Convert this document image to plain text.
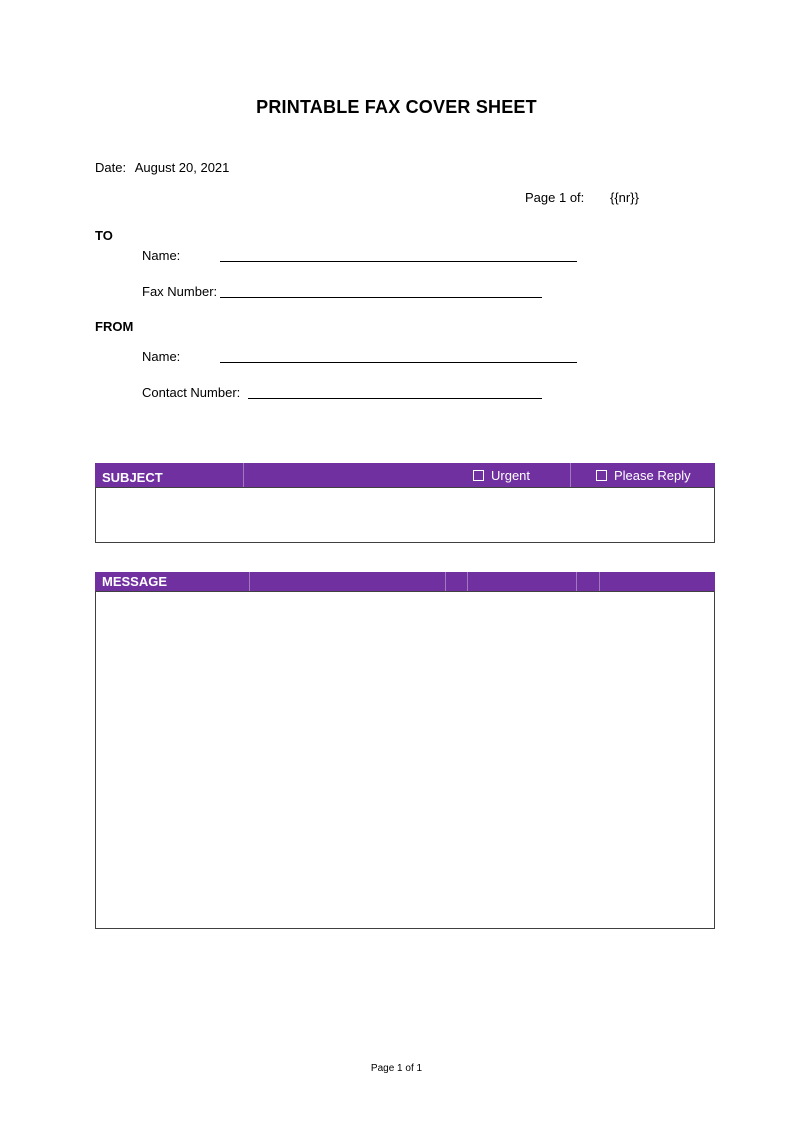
PRINTABLE FAX COVER SHEET
Date: August 20, 2021
Page 1 of: {{nr}}
TO
Name:
Fax Number:
FROM
Name:
Contact Number:
SUBJECT	Urgent	Please Reply
MESSAGE
Page 1 of 1
